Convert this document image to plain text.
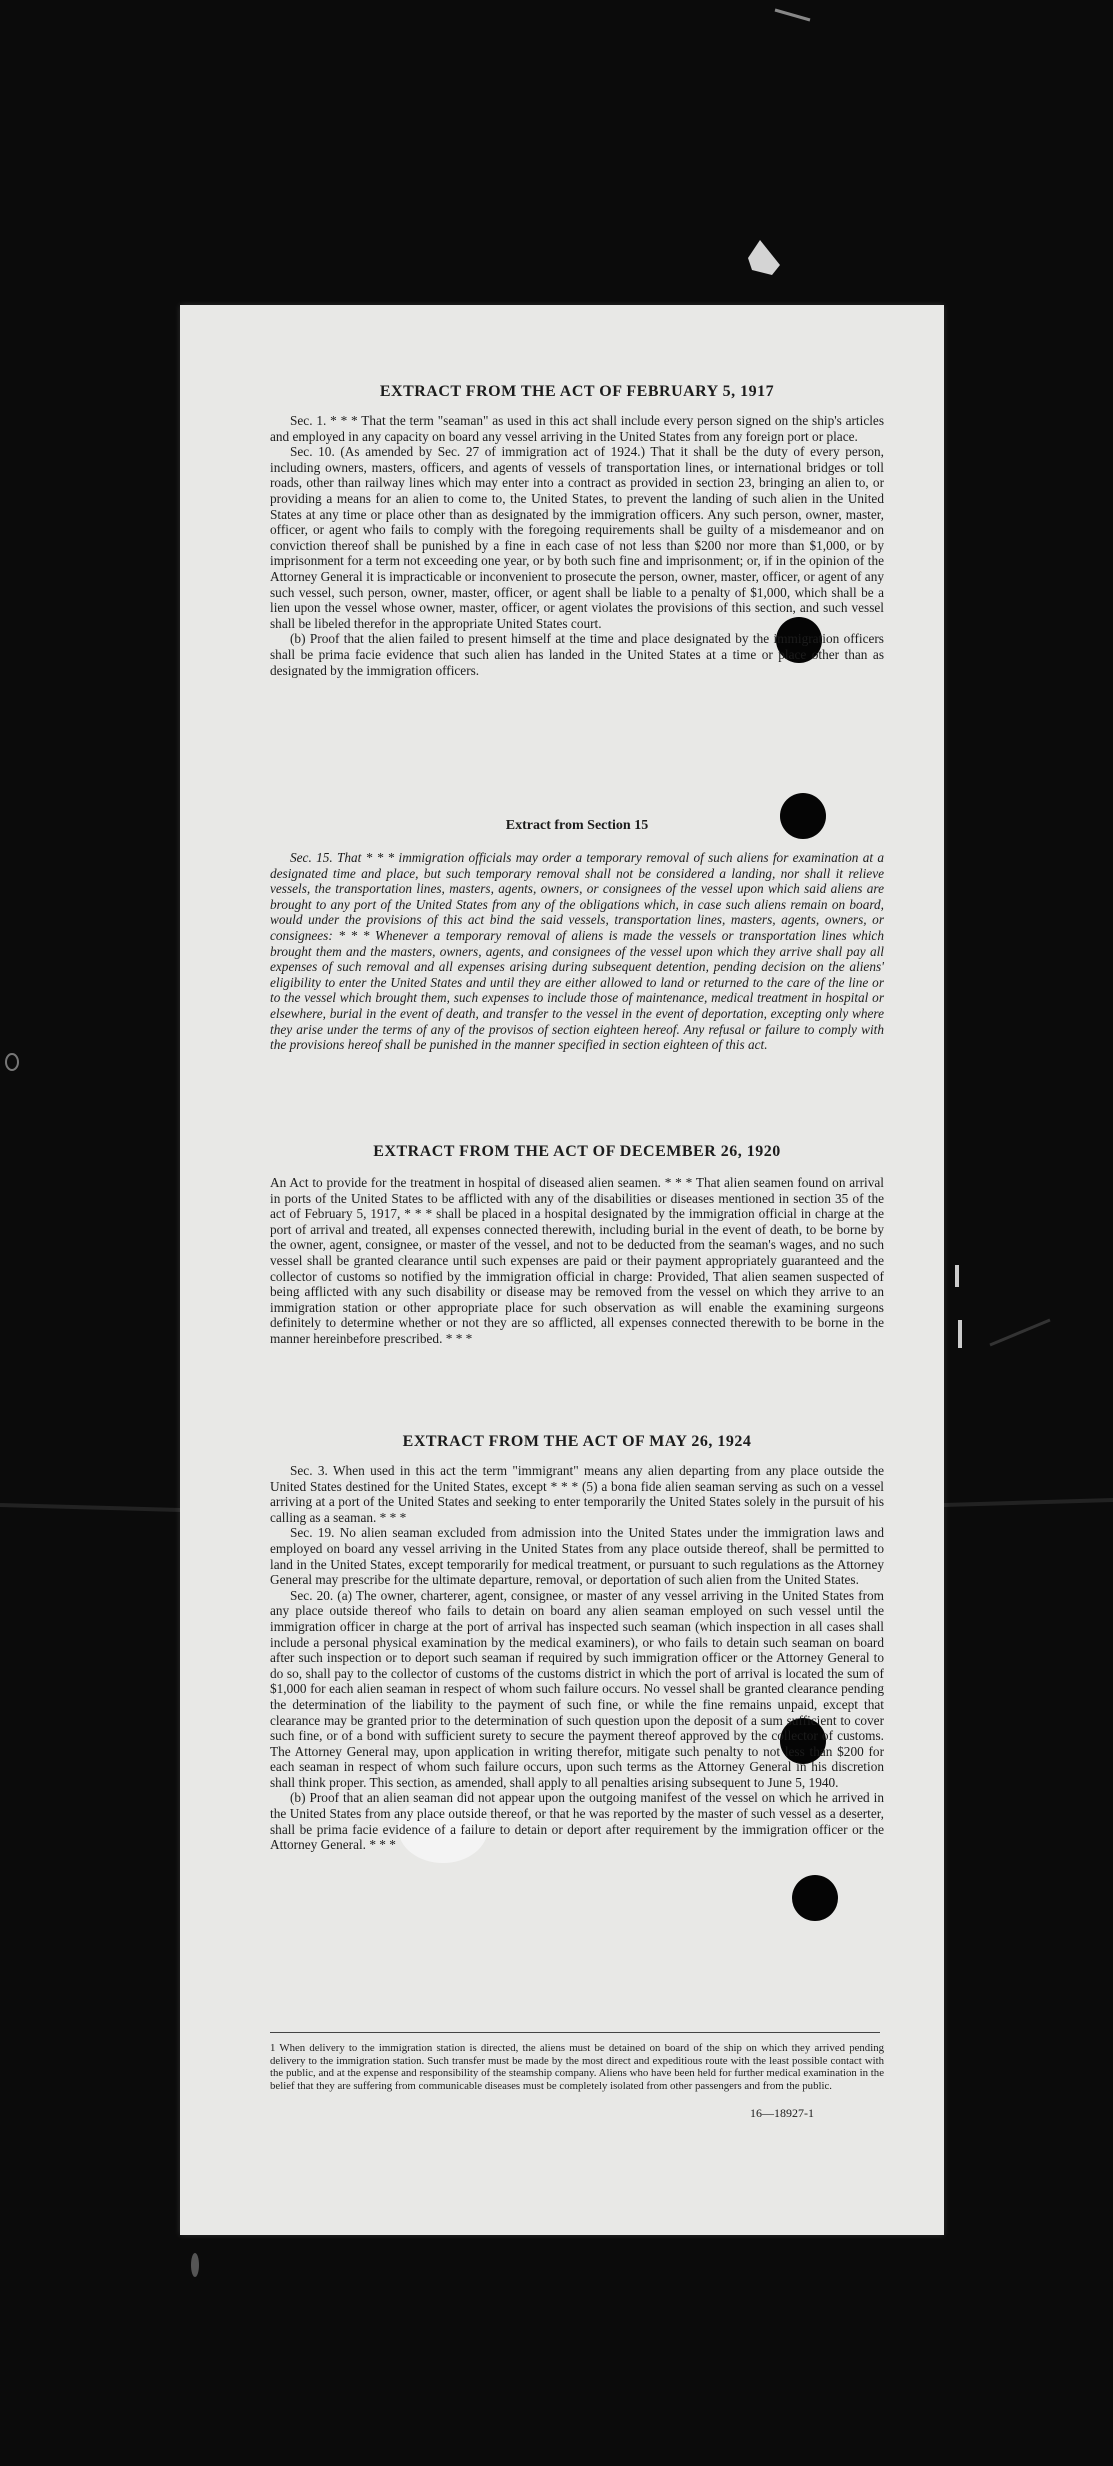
EXTRACT FROM THE ACT OF FEBRUARY 5, 1917

Sec. 1. * * * That the term "seaman" as used in this act shall include every person signed on the ship's articles and employed in any capacity on board any vessel arriving in the United States from any foreign port or place.

Sec. 10. (As amended by Sec. 27 of immigration act of 1924.) That it shall be the duty of every person, including owners, masters, officers, and agents of vessels of transportation lines, or international bridges or toll roads, other than railway lines which may enter into a contract as provided in section 23, bringing an alien to, or providing a means for an alien to come to, the United States, to prevent the landing of such alien in the United States at any time or place other than as designated by the immigration officers. Any such person, owner, master, officer, or agent who fails to comply with the foregoing requirements shall be guilty of a misdemeanor and on conviction thereof shall be punished by a fine in each case of not less than $200 nor more than $1,000, or by imprisonment for a term not exceeding one year, or by both such fine and imprisonment; or, if in the opinion of the Attorney General it is impracticable or inconvenient to prosecute the person, owner, master, officer, or agent of any such vessel, such person, owner, master, officer, or agent shall be liable to a penalty of $1,000, which shall be a lien upon the vessel whose owner, master, officer, or agent violates the provisions of this section, and such vessel shall be libeled therefor in the appropriate United States court.

(b) Proof that the alien failed to present himself at the time and place designated by the immigration officers shall be prima facie evidence that such alien has landed in the United States at a time or place other than as designated by the immigration officers.

Extract from Section 15

Sec. 15. That * * * immigration officials may order a temporary removal of such aliens for examination at a designated time and place, but such temporary removal shall not be considered a landing, nor shall it relieve vessels, the transportation lines, masters, agents, owners, or consignees of the vessel upon which said aliens are brought to any port of the United States from any of the obligations which, in case such aliens remain on board, would under the provisions of this act bind the said vessels, transportation lines, masters, agents, owners, or consignees: * * * Whenever a temporary removal of aliens is made the vessels or transportation lines which brought them and the masters, owners, agents, and consignees of the vessel upon which they arrive shall pay all expenses of such removal and all expenses arising during subsequent detention, pending decision on the aliens' eligibility to enter the United States and until they are either allowed to land or returned to the care of the line or to the vessel which brought them, such expenses to include those of maintenance, medical treatment in hospital or elsewhere, burial in the event of death, and transfer to the vessel in the event of deportation, excepting only where they arise under the terms of any of the provisos of section eighteen hereof. Any refusal or failure to comply with the provisions hereof shall be punished in the manner specified in section eighteen of this act.

EXTRACT FROM THE ACT OF DECEMBER 26, 1920

An Act to provide for the treatment in hospital of diseased alien seamen. * * * That alien seamen found on arrival in ports of the United States to be afflicted with any of the disabilities or diseases mentioned in section 35 of the act of February 5, 1917, * * * shall be placed in a hospital designated by the immigration official in charge at the port of arrival and treated, all expenses connected therewith, including burial in the event of death, to be borne by the owner, agent, consignee, or master of the vessel, and not to be deducted from the seaman's wages, and no such vessel shall be granted clearance until such expenses are paid or their payment appropriately guaranteed and the collector of customs so notified by the immigration official in charge: Provided, That alien seamen suspected of being afflicted with any such disability or disease may be removed from the vessel on which they arrive to an immigration station or other appropriate place for such observation as will enable the examining surgeons definitely to determine whether or not they are so afflicted, all expenses connected therewith to be borne in the manner hereinbefore prescribed. * * *

EXTRACT FROM THE ACT OF MAY 26, 1924

Sec. 3. When used in this act the term "immigrant" means any alien departing from any place outside the United States destined for the United States, except * * * (5) a bona fide alien seaman serving as such on a vessel arriving at a port of the United States and seeking to enter temporarily the United States solely in the pursuit of his calling as a seaman. * * *

Sec. 19. No alien seaman excluded from admission into the United States under the immigration laws and employed on board any vessel arriving in the United States from any place outside thereof, shall be permitted to land in the United States, except temporarily for medical treatment, or pursuant to such regulations as the Attorney General may prescribe for the ultimate departure, removal, or deportation of such alien from the United States.

Sec. 20. (a) The owner, charterer, agent, consignee, or master of any vessel arriving in the United States from any place outside thereof who fails to detain on board any alien seaman employed on such vessel until the immigration officer in charge at the port of arrival has inspected such seaman (which inspection in all cases shall include a personal physical examination by the medical examiners), or who fails to detain such seaman on board after such inspection or to deport such seaman if required by such immigration officer or the Attorney General to do so, shall pay to the collector of customs of the customs district in which the port of arrival is located the sum of $1,000 for each alien seaman in respect of whom such failure occurs. No vessel shall be granted clearance pending the determination of the liability to the payment of such fine, or while the fine remains unpaid, except that clearance may be granted prior to the determination of such question upon the deposit of a sum sufficient to cover such fine, or of a bond with sufficient surety to secure the payment thereof approved by the collector of customs. The Attorney General may, upon application in writing therefor, mitigate such penalty to not less than $200 for each seaman in respect of whom such failure occurs, upon such terms as the Attorney General in his discretion shall think proper. This section, as amended, shall apply to all penalties arising subsequent to June 5, 1940.

(b) Proof that an alien seaman did not appear upon the outgoing manifest of the vessel on which he arrived in the United States from any place outside thereof, or that he was reported by the master of such vessel as a deserter, shall be prima facie evidence of a failure to detain or deport after requirement by the immigration officer or the Attorney General. * * *

1 When delivery to the immigration station is directed, the aliens must be detained on board of the ship on which they arrived pending delivery to the immigration station. Such transfer must be made by the most direct and expeditious route with the least possible contact with the public, and at the expense and responsibility of the steamship company. Aliens who have been held for further medical examination in the belief that they are suffering from communicable diseases must be completely isolated from other passengers and from the public.

16—18927-1
